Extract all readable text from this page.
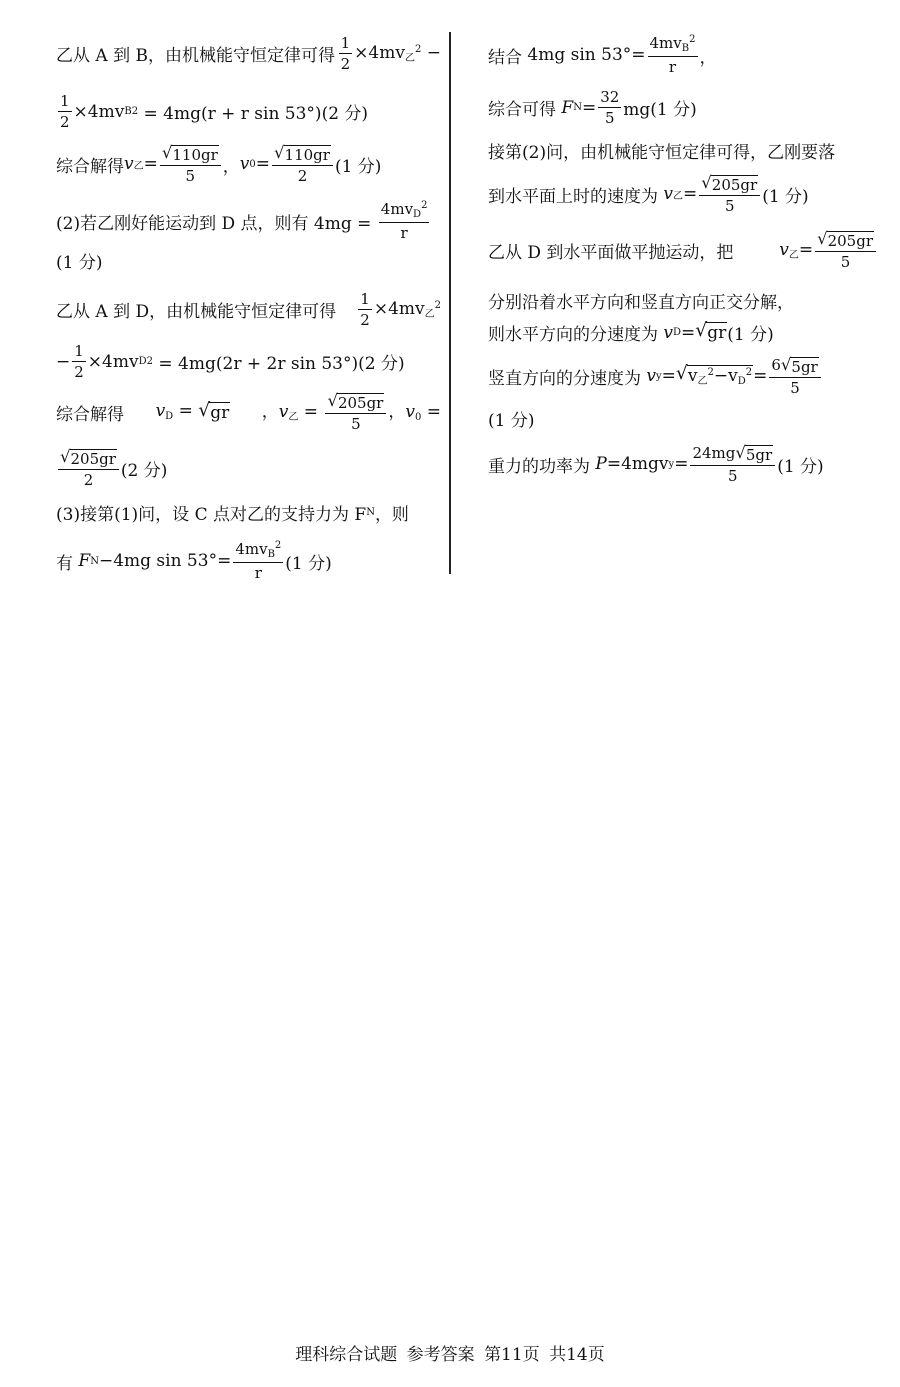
乙从 A 到 B，由机械能守恒定律可得 $\frac{1}{2} \times 4mv_乙^2$ −
$\frac{1}{2} \times 4mv$ B 2
= 4mg(r + r sin 53°)(2 分)
综合解得 v 乙 = $\frac{√ 110gr}{5}$ ， v $0 = \frac{√ 110gr}{2} (1$ 分)
(2)若乙刚好能运动到 D 点，则有 4mg =
$\frac{4mv_D^2}{r}$
(1 分)
乙从 A 到 D，由机械能守恒定律可得 $\frac{1}{2} \times 4mv_乙^2$
− $\frac{1}{2} \times 4mv$ D 2
= 4mg(2r + 2r sin 53°)(2 分)
综合解得 $v_D$ = √ gr ，$v_乙 = \frac{√ 205gr}{5}$ ，$v_0$ =
$\frac{√ 205gr}{2} (2$ 分)
(3)接第(1)问，设 C 点对乙的支持力为 F N ，则
有
F N −4mg $\sin 53^\circ= \frac{4mv_B^2}{r} (1$ 分)
结合 4mg $\sin 53^\circ= \frac{4mv_B^2}{r}$ ，
综合可得
F $N = \frac{32}{5} mg(1$ 分)
接第(2)问，由机械能守恒定律可得，乙刚要落
到水平面上时的速度为
v 乙 = $\frac{√ 205gr}{5} (1$ 分)
乙从 D 到水平面做平抛运动，把	$v_乙= \frac{√ 205gr}{5}$
分别沿着水平方向和竖直方向正交分解，
则水平方向的分速度为
v D = √ gr (1 分)
竖直方向的分速度为
v y = √ $v_乙^2-v_D^2 = \frac{6 √ 5gr}{5}$
(1 分)
重力的功率为
P =4mgv $y = \frac{24mg √ 5gr}{5} (1$ 分)
理科综合试题 参考答案 第11页 共14页
